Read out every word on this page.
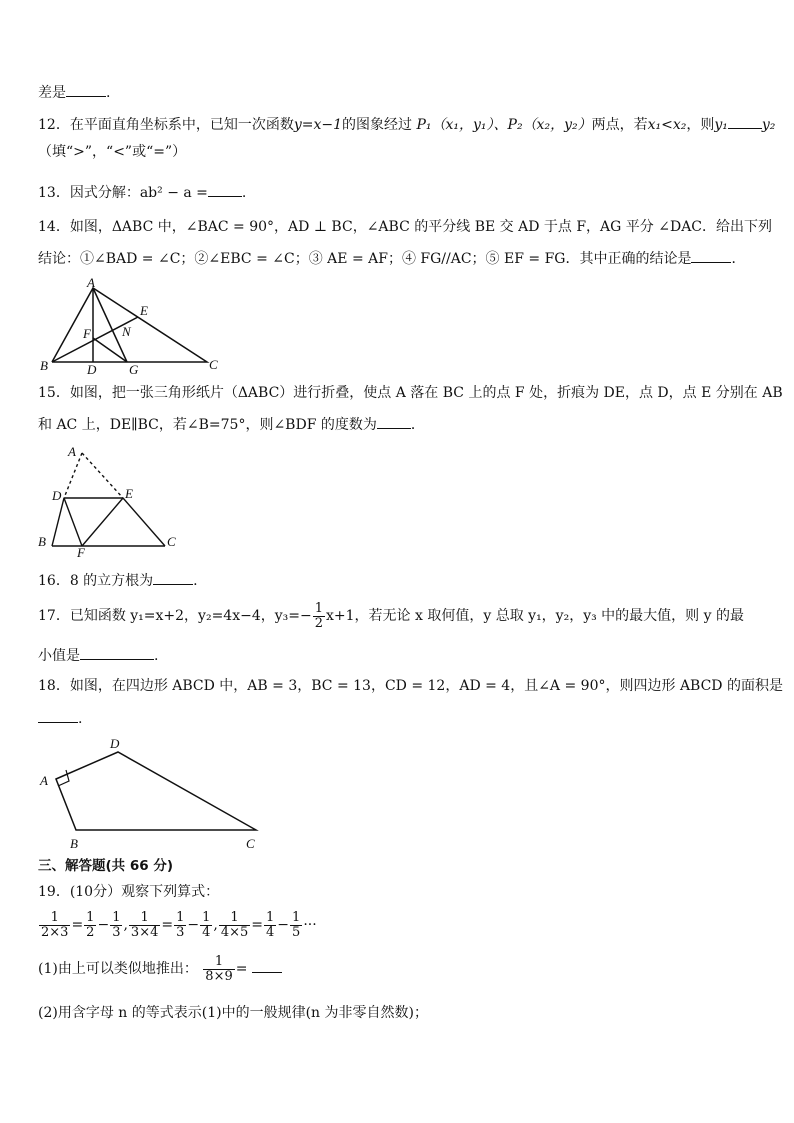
差是	.
12．在平面直角坐标系中，已知一次函数y=x−1的图象经过 P₁（x₁，y₁）、P₂（x₂，y₂）两点，若x₁<x₂，则y₁ y₂
（填“>”，“<”或“=”）
13．因式分解：ab² − a = .
14．如图，ΔABC 中，∠BAC = 90°，AD ⊥ BC，∠ABC 的平分线 BE 交 AD 于点 F，AG 平分 ∠DAC．给出下列
结论：①∠BAD = ∠C；②∠EBC = ∠C；③ AE = AF；④ FG//AC；⑤ EF = FG．其中正确的结论是	．
A
B	C
D
E
F
G
N
15．如图，把一张三角形纸片（ΔABC）进行折叠，使点 A 落在 BC 上的点 F 处，折痕为 DE，点 D，点 E 分别在 AB
和 AC 上，DE∥BC，若∠B=75°，则∠BDF 的度数为 ．
A
B	C
D	E
F
16．8 的立方根为	.
17．已知函数 y₁=x+2，y₂=4x−4，$y_3=- \frac{1}{2} x+1$，若无论 x 取何值，y 总取 y₁，y₂，y₃ 中的最大值，则 y 的最
小值是	.
18．如图，在四边形 ABCD 中，AB = 3，BC = 13，CD = 12，AD = 4，且∠A = 90°，则四边形 ABCD 的面积是
.
A
B	C
D
三、解答题(共 66 分)
19．(10分）观察下列算式：
$\frac{1}{2\times 3} = \frac{1}{2} - \frac{1}{3}$ , $\frac{1}{3\times 4} = \frac{1}{3} - \frac{1}{4}$ , $\frac{1}{4\times 5} = \frac{1}{4} - \frac{1}{5}$ ···
(1)由上可以类似地推出： $\frac{1}{8\times 9}$ =
(2)用含字母 n 的等式表示(1)中的一般规律(n 为非零自然数)；
